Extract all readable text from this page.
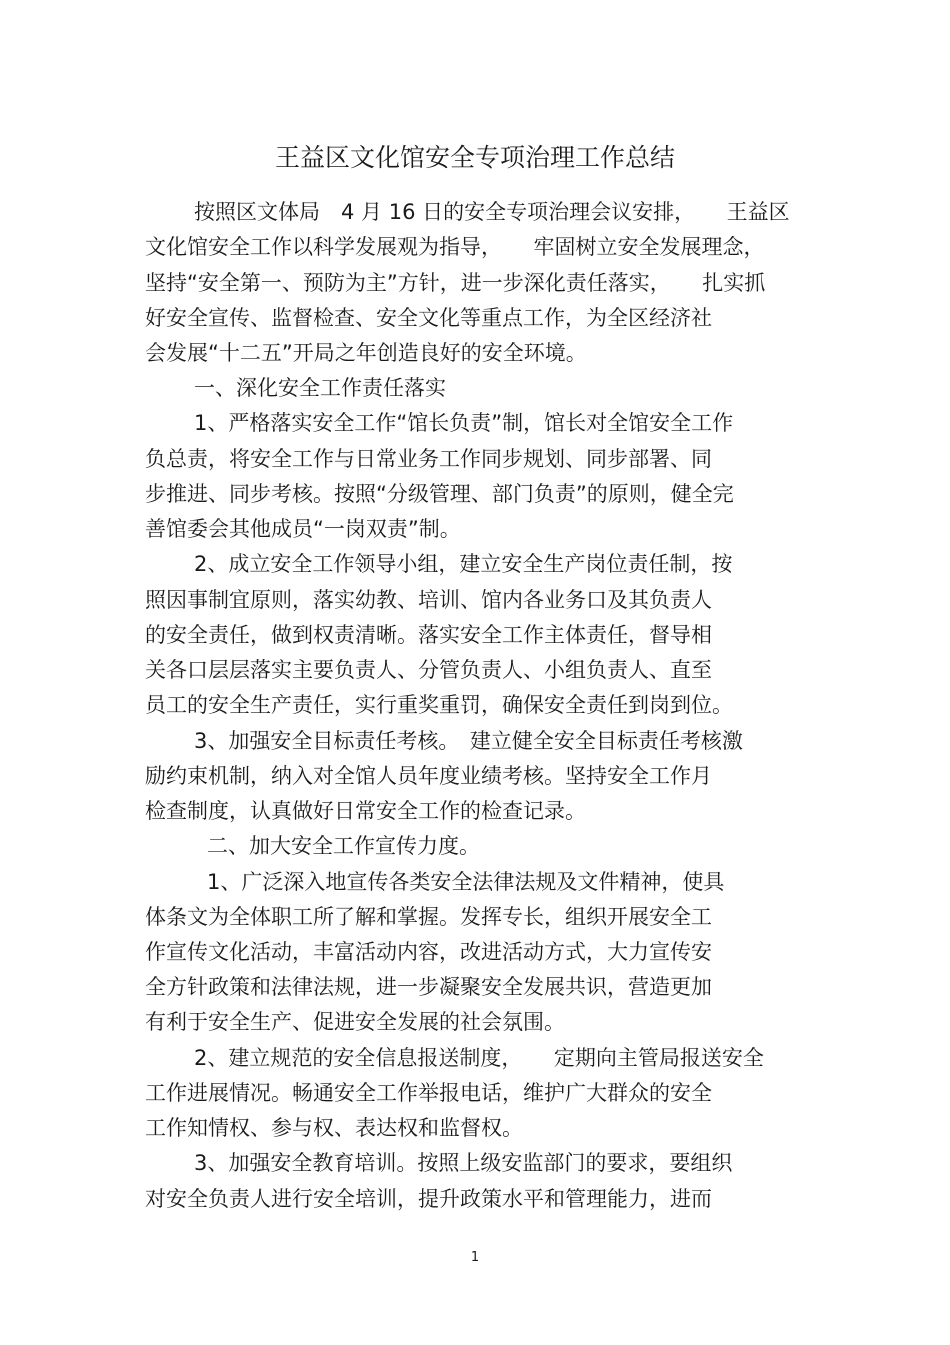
王益区文化馆安全专项治理工作总结
按照区文体局　4 月 16 日的安全专项治理会议安排，　　王益区
文化馆安全工作以科学发展观为指导，　　牢固树立安全发展理念，
坚持“安全第一、预防为主”方针，进一步深化责任落实，　　扎实抓
好安全宣传、监督检查、安全文化等重点工作，为全区经济社
会发展“十二五”开局之年创造良好的安全环境。
一、深化安全工作责任落实
1、严格落实安全工作“馆长负责”制，馆长对全馆安全工作
负总责，将安全工作与日常业务工作同步规划、同步部署、同
步推进、同步考核。按照“分级管理、部门负责”的原则，健全完
善馆委会其他成员“一岗双责”制。
2、成立安全工作领导小组，建立安全生产岗位责任制，按
照因事制宜原则，落实幼教、培训、馆内各业务口及其负责人
的安全责任，做到权责清晰。落实安全工作主体责任，督导相
关各口层层落实主要负责人、分管负责人、小组负责人、直至
员工的安全生产责任，实行重奖重罚，确保安全责任到岗到位。
3、加强安全目标责任考核。　建立健全安全目标责任考核激
励约束机制，纳入对全馆人员年度业绩考核。坚持安全工作月
检查制度，认真做好日常安全工作的检查记录。
二、加大安全工作宣传力度。
1、广泛深入地宣传各类安全法律法规及文件精神，使具
体条文为全体职工所了解和掌握。发挥专长，组织开展安全工
作宣传文化活动，丰富活动内容，改进活动方式，大力宣传安
全方针政策和法律法规，进一步凝聚安全发展共识，营造更加
有利于安全生产、促进安全发展的社会氛围。
2、建立规范的安全信息报送制度，　　定期向主管局报送安全
工作进展情况。畅通安全工作举报电话，维护广大群众的安全
工作知情权、参与权、表达权和监督权。
3、加强安全教育培训。按照上级安监部门的要求，要组织
对安全负责人进行安全培训，提升政策水平和管理能力，进而
1
